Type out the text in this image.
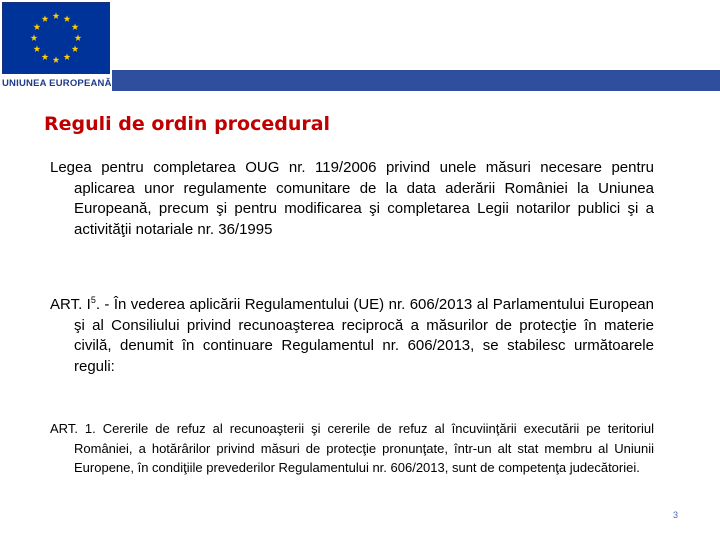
UNIUNEA EUROPEANĂ
Reguli de ordin procedural
Legea pentru completarea OUG nr. 119/2006 privind unele măsuri necesare pentru aplicarea unor regulamente comunitare de la data aderării României la Uniunea Europeană, precum şi pentru modificarea şi completarea Legii notarilor publici şi a activităţii notariale nr. 36/1995
ART. $I^5$. - În vederea aplicării Regulamentului (UE) nr. 606/2013 al Parlamentului European şi al Consiliului privind recunoaşterea reciprocă a măsurilor de protecţie în materie civilă, denumit în continuare Regulamentul nr. 606/2013, se stabilesc următoarele reguli:
ART. 1. Cererile de refuz al recunoaşterii şi cererile de refuz al încuviinţării executării pe teritoriul României, a hotărârilor privind măsuri de protecţie pronunţate, într-un alt stat membru al Uniunii Europene, în condiţiile prevederilor Regulamentului nr. 606/2013, sunt de competenţa judecătoriei.
3
